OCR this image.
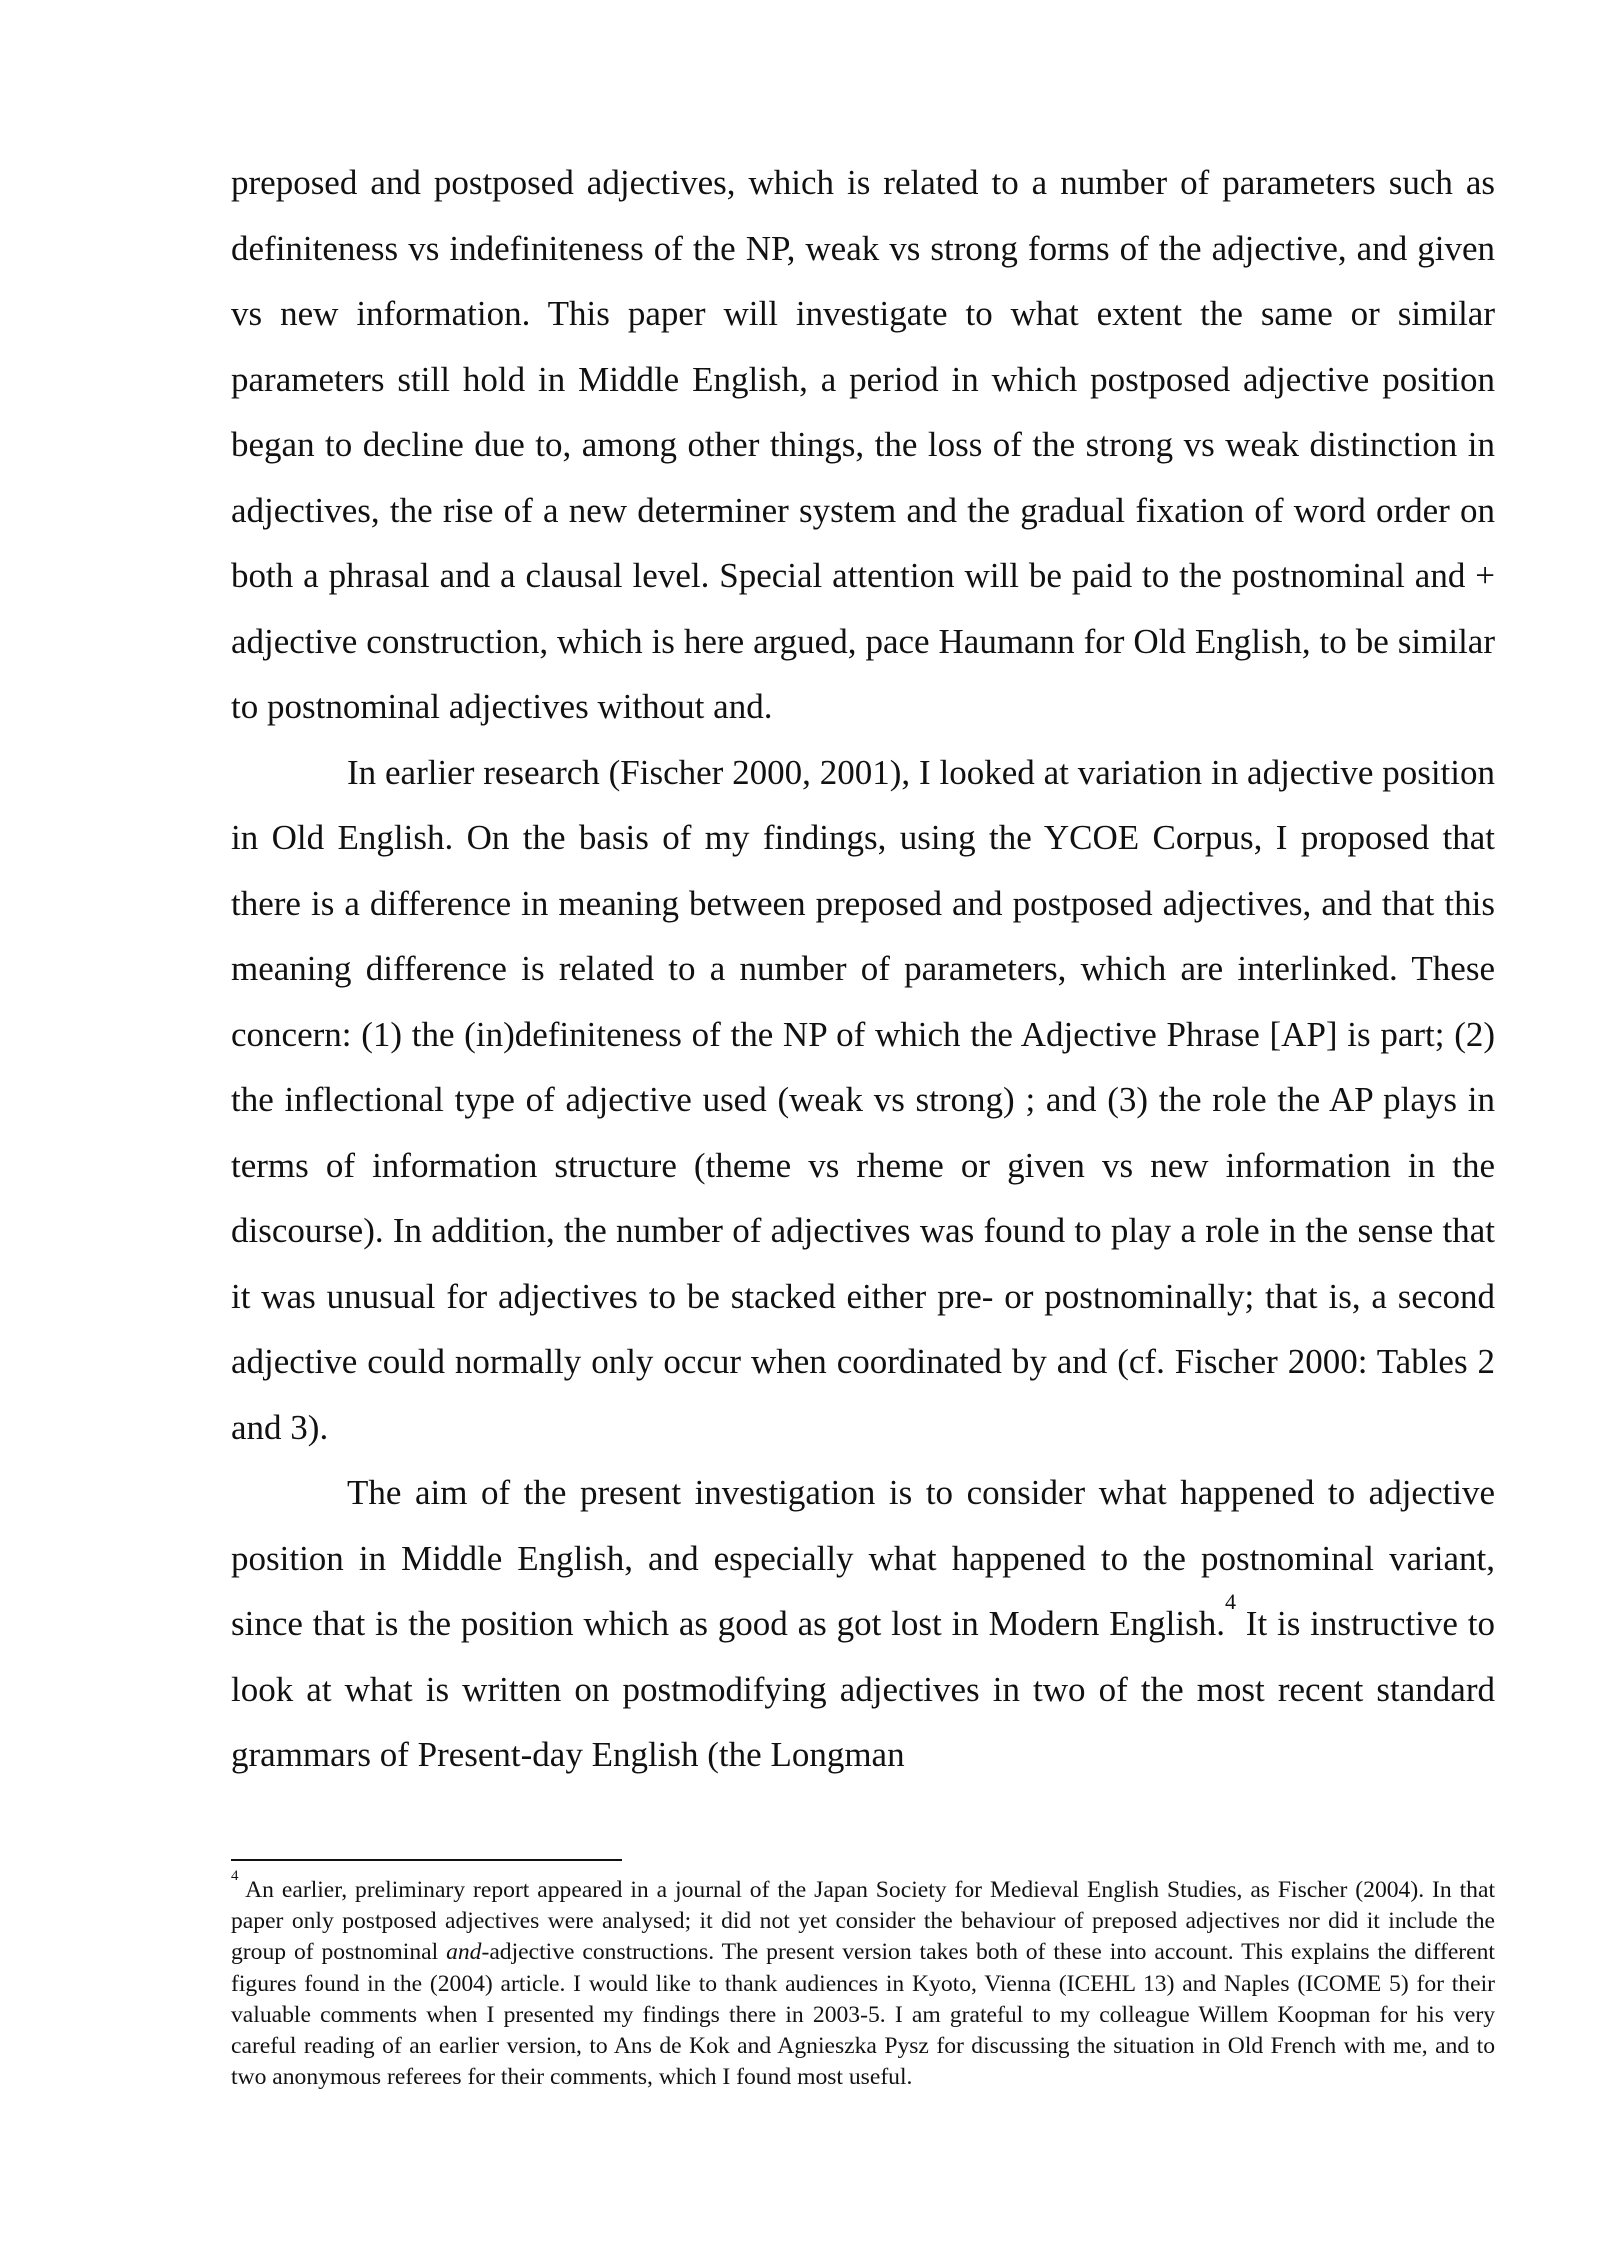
preposed and postposed adjectives, which is related to a number of parameters such as definiteness vs indefiniteness of the NP, weak vs strong forms of the adjective, and given vs new information. This paper will investigate to what extent the same or similar parameters still hold in Middle English, a period in which postposed adjective position began to decline due to, among other things, the loss of the strong vs weak distinction in adjectives, the rise of a new determiner system and the gradual fixation of word order on both a phrasal and a clausal level. Special attention will be paid to the postnominal and + adjective construction, which is here argued, pace Haumann for Old English, to be similar to postnominal adjectives without and.

In earlier research (Fischer 2000, 2001), I looked at variation in adjective position in Old English. On the basis of my findings, using the YCOE Corpus, I proposed that there is a difference in meaning between preposed and postposed adjectives, and that this meaning difference is related to a number of parameters, which are interlinked. These concern: (1) the (in)definiteness of the NP of which the Adjective Phrase [AP] is part; (2) the inflectional type of adjective used (weak vs strong) ; and (3) the role the AP plays in terms of information structure (theme vs rheme or given vs new information in the discourse). In addition, the number of adjectives was found to play a role in the sense that it was unusual for adjectives to be stacked either pre- or postnominally; that is, a second adjective could normally only occur when coordinated by and (cf. Fischer 2000: Tables 2 and 3).

The aim of the present investigation is to consider what happened to adjective position in Middle English, and especially what happened to the postnominal variant, since that is the position which as good as got lost in Modern English.$^4$ It is instructive to look at what is written on postmodifying adjectives in two of the most recent standard grammars of Present-day English (the Longman

$^4$ An earlier, preliminary report appeared in a journal of the Japan Society for Medieval English Studies, as Fischer (2004). In that paper only postposed adjectives were analysed; it did not yet consider the behaviour of preposed adjectives nor did it include the group of postnominal and-adjective constructions. The present version takes both of these into account. This explains the different figures found in the (2004) article. I would like to thank audiences in Kyoto, Vienna (ICEHL 13) and Naples (ICOME 5) for their valuable comments when I presented my findings there in 2003-5. I am grateful to my colleague Willem Koopman for his very careful reading of an earlier version, to Ans de Kok and Agnieszka Pysz for discussing the situation in Old French with me, and to two anonymous referees for their comments, which I found most useful.
